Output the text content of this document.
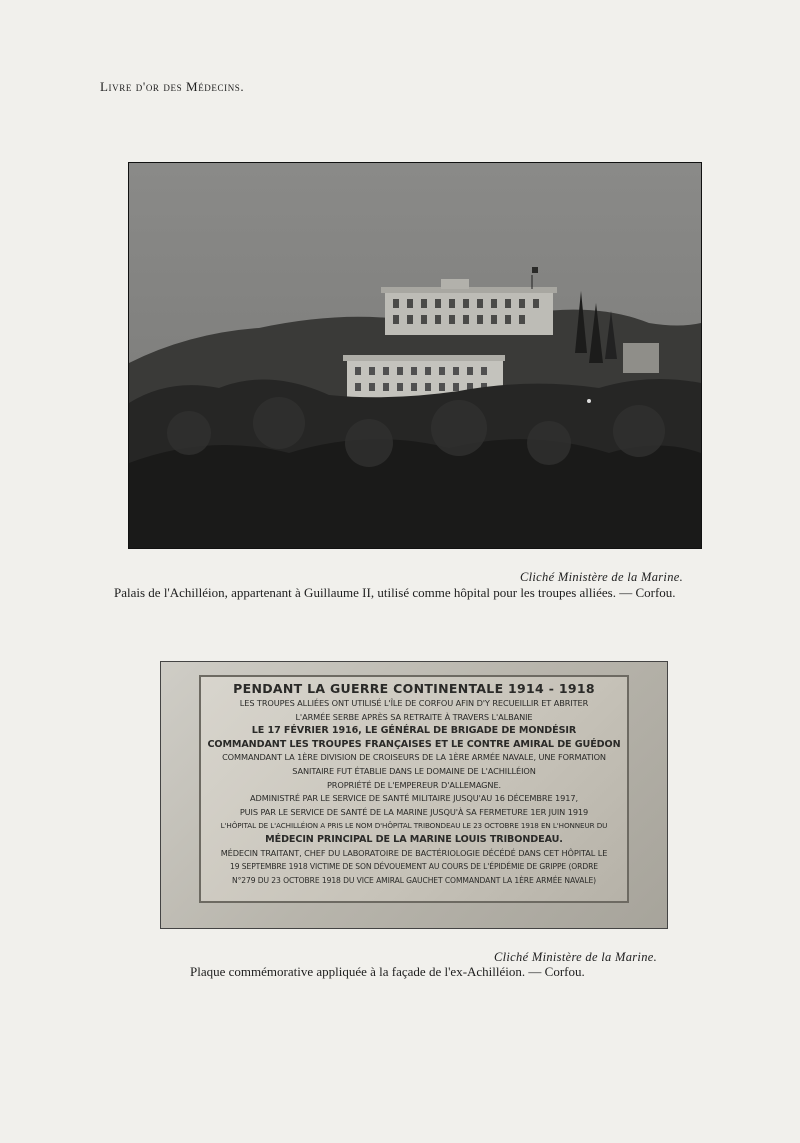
Livre d'or des Médecins.
Cliché Ministère de la Marine.
Palais de l'Achilléion, appartenant à Guillaume II, utilisé comme hôpital pour les troupes alliées. — Corfou.
PENDANT LA GUERRE CONTINENTALE 1914 - 1918
LES TROUPES ALLIÉES ONT UTILISÉ L'ÎLE DE CORFOU AFIN D'Y RECUEILLIR ET ABRITER
L'ARMÉE SERBE APRÈS SA RETRAITE À TRAVERS L'ALBANIE
LE 17 FÉVRIER 1916, LE GÉNÉRAL DE BRIGADE DE MONDÉSIR
COMMANDANT LES TROUPES FRANÇAISES ET LE CONTRE AMIRAL DE GUÉDON
COMMANDANT LA 1ÈRE DIVISION DE CROISEURS DE LA 1ÈRE ARMÉE NAVALE, UNE FORMATION
SANITAIRE FUT ÉTABLIE DANS LE DOMAINE DE L'ACHILLÉION
PROPRIÉTÉ DE L'EMPEREUR D'ALLEMAGNE.
ADMINISTRÉ PAR LE SERVICE DE SANTÉ MILITAIRE JUSQU'AU 16 DÉCEMBRE 1917,
PUIS PAR LE SERVICE DE SANTÉ DE LA MARINE JUSQU'À SA FERMETURE 1ER JUIN 1919
L'HÔPITAL DE L'ACHILLÉION A PRIS LE NOM D'HÔPITAL TRIBONDEAU LE 23 OCTOBRE 1918 EN L'HONNEUR DU
MÉDECIN PRINCIPAL DE LA MARINE LOUIS TRIBONDEAU.
MÉDECIN TRAITANT, CHEF DU LABORATOIRE DE BACTÉRIOLOGIE DÉCÉDÉ DANS CET HÔPITAL LE
19 SEPTEMBRE 1918 VICTIME DE SON DÉVOUEMENT AU COURS DE L'ÉPIDÉMIE DE GRIPPE (ORDRE
N°279 DU 23 OCTOBRE 1918 DU VICE AMIRAL GAUCHET COMMANDANT LA 1ÈRE ARMÉE NAVALE)
Cliché Ministère de la Marine.
Plaque commémorative appliquée à la façade de l'ex-Achilléion. — Corfou.
